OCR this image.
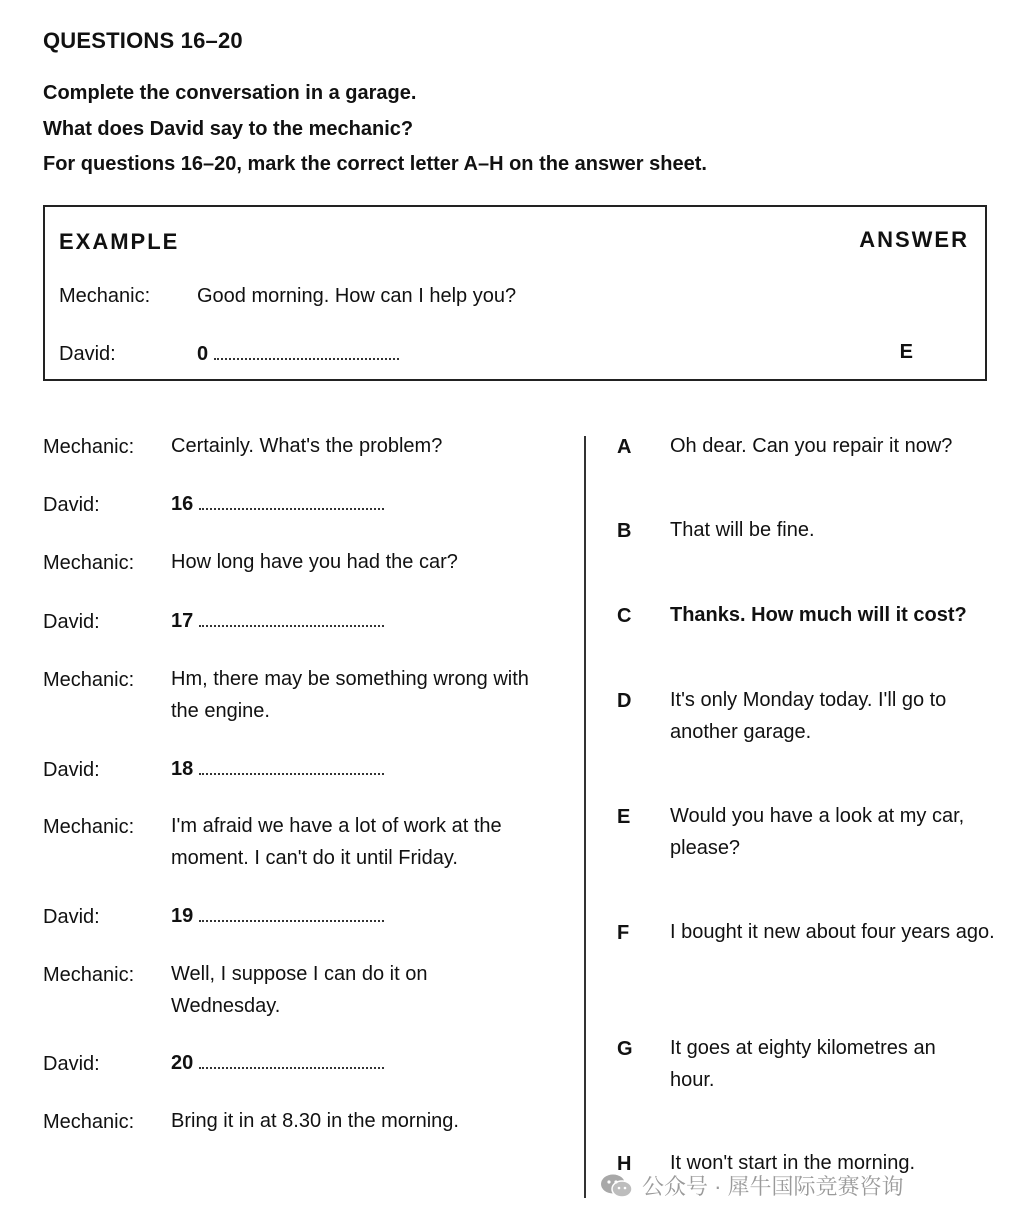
QUESTIONS 16–20
Complete the conversation in a garage.
What does David say to the mechanic?
For questions 16–20, mark the correct letter A–H on the answer sheet.
EXAMPLE	ANSWER
Mechanic: Good morning. How can I help you?
David:	0	E
Mechanic: Certainly. What's the problem?
David:	16
Mechanic: How long have you had the car?
David:	17
Mechanic: Hm, there may be something wrong with the engine.
David:	18
Mechanic: I'm afraid we have a lot of work at the moment. I can't do it until Friday.
David:	19
Mechanic: Well, I suppose I can do it on Wednesday.
David:	20
Mechanic: Bring it in at 8.30 in the morning.
A Oh dear. Can you repair it now?
B That will be fine.
C Thanks. How much will it cost?
D It's only Monday today. I'll go to another garage.
E Would you have a look at my car, please?
F I bought it new about four years ago.
G It goes at eighty kilometres an hour.
H It won't start in the morning.
公众号 · 犀牛国际竞赛咨询
